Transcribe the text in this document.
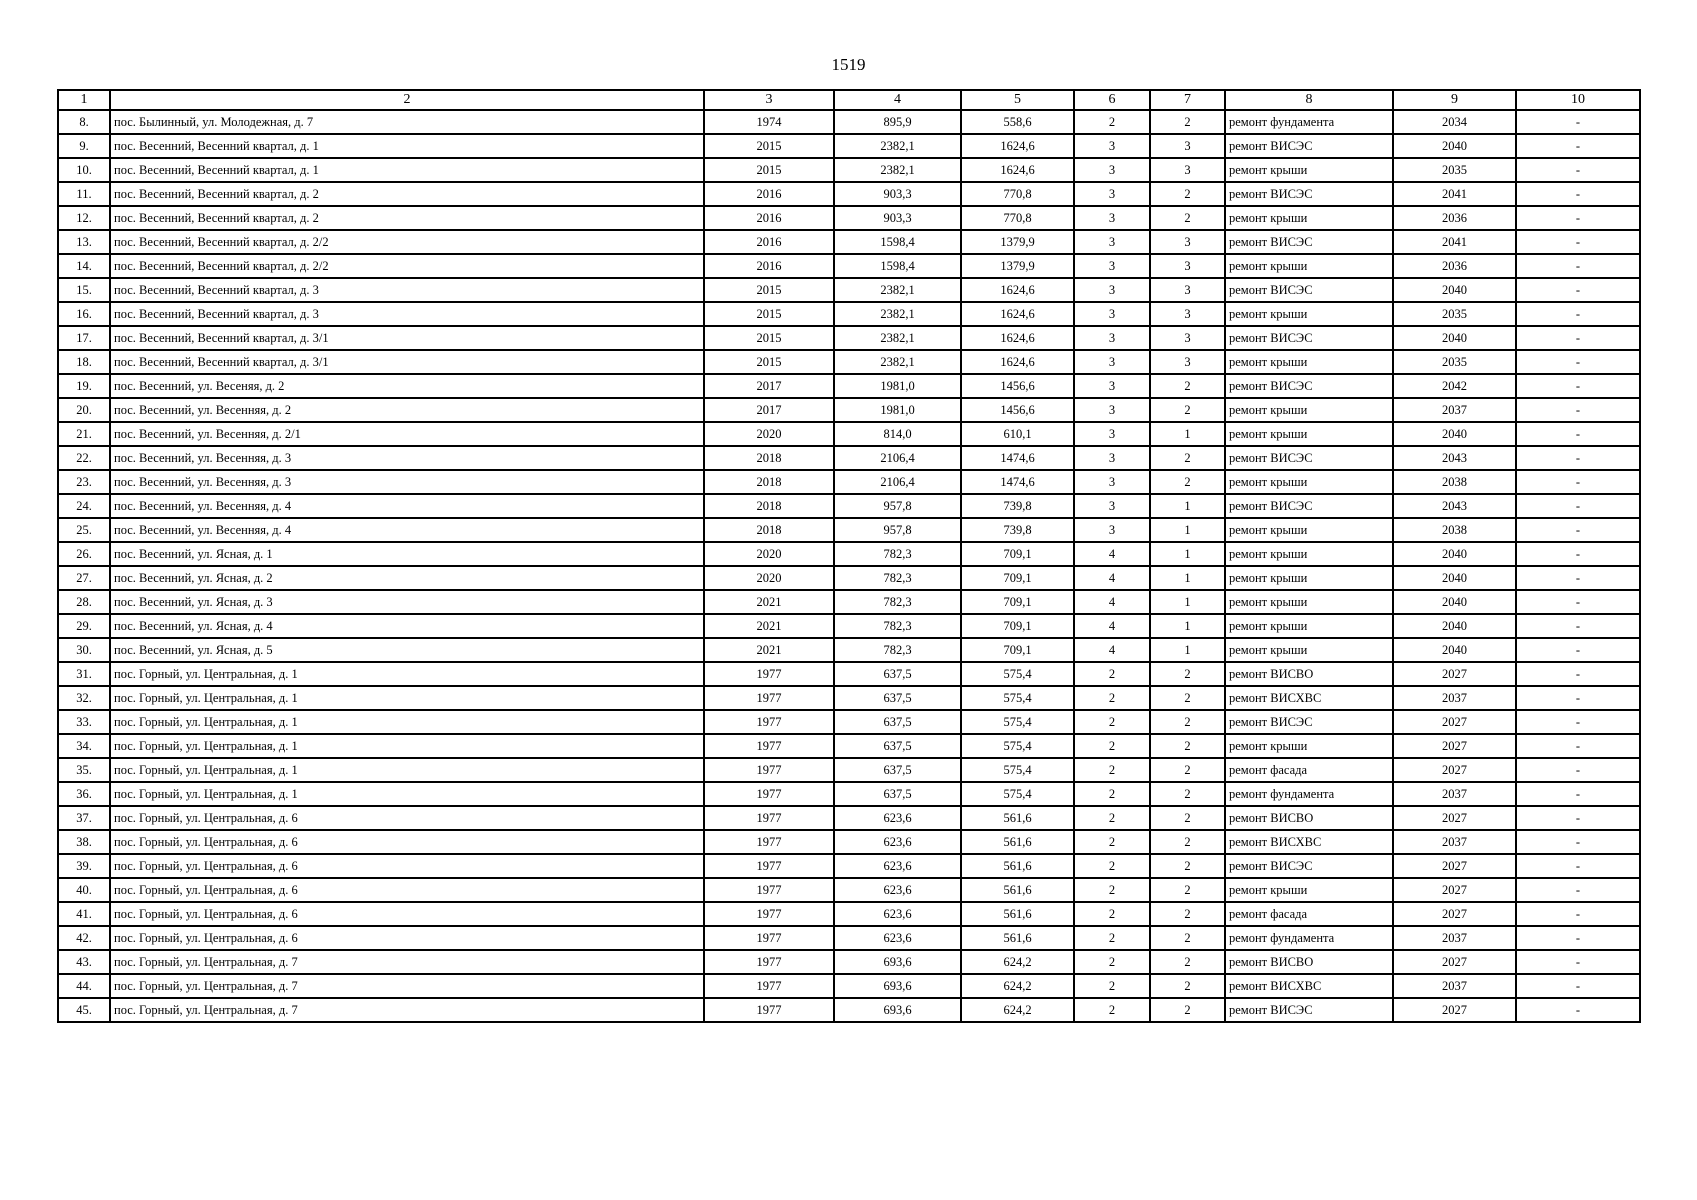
1519
1	2	3	4	5	6	7	8	9	10
8.	пос. Былинный, ул. Молодежная, д. 7	1974	895,9	558,6	2	2	ремонт фундамента	2034	-
9.	пос. Весенний, Весенний квартал, д. 1	2015	2382,1	1624,6	3	3	ремонт ВИСЭС	2040	-
10.	пос. Весенний, Весенний квартал, д. 1	2015	2382,1	1624,6	3	3	ремонт крыши	2035	-
11.	пос. Весенний, Весенний квартал, д. 2	2016	903,3	770,8	3	2	ремонт ВИСЭС	2041	-
12.	пос. Весенний, Весенний квартал, д. 2	2016	903,3	770,8	3	2	ремонт крыши	2036	-
13.	пос. Весенний, Весенний квартал, д. 2/2	2016	1598,4	1379,9	3	3	ремонт ВИСЭС	2041	-
14.	пос. Весенний, Весенний квартал, д. 2/2	2016	1598,4	1379,9	3	3	ремонт крыши	2036	-
15.	пос. Весенний, Весенний квартал, д. 3	2015	2382,1	1624,6	3	3	ремонт ВИСЭС	2040	-
16.	пос. Весенний, Весенний квартал, д. 3	2015	2382,1	1624,6	3	3	ремонт крыши	2035	-
17.	пос. Весенний, Весенний квартал, д. 3/1	2015	2382,1	1624,6	3	3	ремонт ВИСЭС	2040	-
18.	пос. Весенний, Весенний квартал, д. 3/1	2015	2382,1	1624,6	3	3	ремонт крыши	2035	-
19.	пос. Весенний, ул. Весеняя, д. 2	2017	1981,0	1456,6	3	2	ремонт ВИСЭС	2042	-
20.	пос. Весенний, ул. Весенняя, д. 2	2017	1981,0	1456,6	3	2	ремонт крыши	2037	-
21.	пос. Весенний, ул. Весенняя, д. 2/1	2020	814,0	610,1	3	1	ремонт крыши	2040	-
22.	пос. Весенний, ул. Весенняя, д. 3	2018	2106,4	1474,6	3	2	ремонт ВИСЭС	2043	-
23.	пос. Весенний, ул. Весенняя, д. 3	2018	2106,4	1474,6	3	2	ремонт крыши	2038	-
24.	пос. Весенний, ул. Весенняя, д. 4	2018	957,8	739,8	3	1	ремонт ВИСЭС	2043	-
25.	пос. Весенний, ул. Весенняя, д. 4	2018	957,8	739,8	3	1	ремонт крыши	2038	-
26.	пос. Весенний, ул. Ясная, д. 1	2020	782,3	709,1	4	1	ремонт крыши	2040	-
27.	пос. Весенний, ул. Ясная, д. 2	2020	782,3	709,1	4	1	ремонт крыши	2040	-
28.	пос. Весенний, ул. Ясная, д. 3	2021	782,3	709,1	4	1	ремонт крыши	2040	-
29.	пос. Весенний, ул. Ясная, д. 4	2021	782,3	709,1	4	1	ремонт крыши	2040	-
30.	пос. Весенний, ул. Ясная, д. 5	2021	782,3	709,1	4	1	ремонт крыши	2040	-
31.	пос. Горный, ул. Центральная, д. 1	1977	637,5	575,4	2	2	ремонт ВИСВО	2027	-
32.	пос. Горный, ул. Центральная, д. 1	1977	637,5	575,4	2	2	ремонт ВИСХВС	2037	-
33.	пос. Горный, ул. Центральная, д. 1	1977	637,5	575,4	2	2	ремонт ВИСЭС	2027	-
34.	пос. Горный, ул. Центральная, д. 1	1977	637,5	575,4	2	2	ремонт крыши	2027	-
35.	пос. Горный, ул. Центральная, д. 1	1977	637,5	575,4	2	2	ремонт фасада	2027	-
36.	пос. Горный, ул. Центральная, д. 1	1977	637,5	575,4	2	2	ремонт фундамента	2037	-
37.	пос. Горный, ул. Центральная, д. 6	1977	623,6	561,6	2	2	ремонт ВИСВО	2027	-
38.	пос. Горный, ул. Центральная, д. 6	1977	623,6	561,6	2	2	ремонт ВИСХВС	2037	-
39.	пос. Горный, ул. Центральная, д. 6	1977	623,6	561,6	2	2	ремонт ВИСЭС	2027	-
40.	пос. Горный, ул. Центральная, д. 6	1977	623,6	561,6	2	2	ремонт крыши	2027	-
41.	пос. Горный, ул. Центральная, д. 6	1977	623,6	561,6	2	2	ремонт фасада	2027	-
42.	пос. Горный, ул. Центральная, д. 6	1977	623,6	561,6	2	2	ремонт фундамента	2037	-
43.	пос. Горный, ул. Центральная, д. 7	1977	693,6	624,2	2	2	ремонт ВИСВО	2027	-
44.	пос. Горный, ул. Центральная, д. 7	1977	693,6	624,2	2	2	ремонт ВИСХВС	2037	-
45.	пос. Горный, ул. Центральная, д. 7	1977	693,6	624,2	2	2	ремонт ВИСЭС	2027	-
